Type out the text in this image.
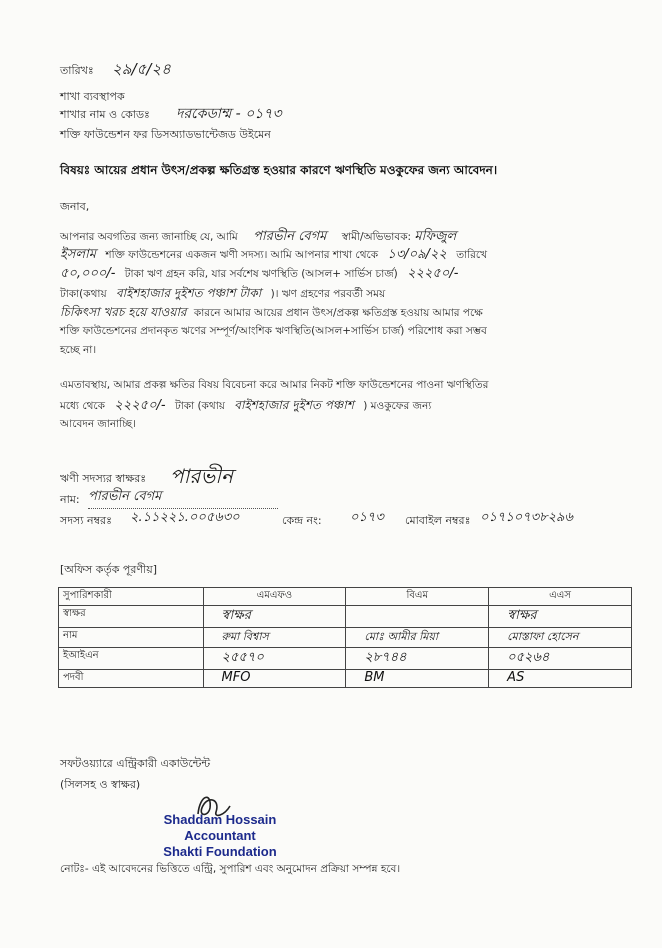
তারিখঃ ২৯/৫/২৪
শাখা ব্যবস্থাপক
শাখার নাম ও কোডঃ দরকেডাম্ম - ০১৭৩
শক্তি ফাউন্ডেশন ফর ডিসঅ্যাডভান্টেজড উইমেন
বিষয়ঃ আয়ের প্রধান উৎস/প্রকল্প ক্ষতিগ্রস্ত হওয়ার কারণে ঋণস্থিতি মওকুফের জন্য আবেদন।
জনাব,
আপনার অবগতির জন্য জানাচ্ছি যে, আমি পারভীন বেগম স্বামী/অভিভাবক: মফিজুল
ইসলাম শক্তি ফাউন্ডেশনের একজন ঋণী সদস্য। আমি আপনার শাখা থেকে ১৩/০৯/২২ তারিখে
৫০,০০০/- টাকা ঋণ গ্রহন করি, যার সর্বশেষ ঋণস্থিতি (আসল+ সার্ভিস চার্জ) ২২২৫০/-
টাকা(কথায় বাইশহাজার দুইশত পঞ্চাশ টাকা )। ঋণ গ্রহণের পরবর্তী সময়
চিকিৎসা খরচ হয়ে যাওয়ার কারনে আমার আয়ের প্রধান উৎস/প্রকল্প ক্ষতিগ্রস্ত হওয়ায় আমার পক্ষে
শক্তি ফাউন্ডেশনের প্রদানকৃত ঋণের সম্পূর্ণ/আংশিক ঋণস্থিতি(আসল+সার্ভিস চার্জ) পরিশোধ করা সম্ভব
হচ্ছে না।
এমতাবস্থায়, আমার প্রকল্প ক্ষতির বিষয় বিবেচনা করে আমার নিকট শক্তি ফাউন্ডেশনের পাওনা ঋণস্থিতির
মধ্যে থেকে ২২২৫০/- টাকা (কথায় বাইশহাজার দুইশত পঞ্চাশ ) মওকুফের জন্য
আবেদন জানাচ্ছি।
ঋণী সদস্যর স্বাক্ষরঃ পারভীন
নাম: পারভীন বেগম
সদস্য নম্বরঃ ২.১১২২১.০০৫৬৩০	কেন্দ্র নং: ০১৭৩ মোবাইল নম্বরঃ ০১৭১০৭৩৮২৯৬
[অফিস কর্তৃক পূরণীয়]
সুপারিশকারী	এমএফও	বিএম	এএস
স্বাক্ষর	স্বাক্ষর		স্বাক্ষর
নাম	রুমা বিশ্বাস	মোঃ আমীর মিয়া	মোস্তাফা হোসেন
ইআইএন	২৫৫৭০	২৮৭৪৪	০৫২৬৪
পদবী	MFO	BM	AS
সফটওয়্যারে এন্ট্রিকারী একাউন্টেন্ট
(সিলসহ ও স্বাক্ষর)
Shaddam Hossain
Accountant
Shakti Foundation
নোটঃ- এই আবেদনের ভিত্তিতে এন্ট্রি, সুপারিশ এবং অনুমোদন প্রক্রিয়া সম্পন্ন হবে।
